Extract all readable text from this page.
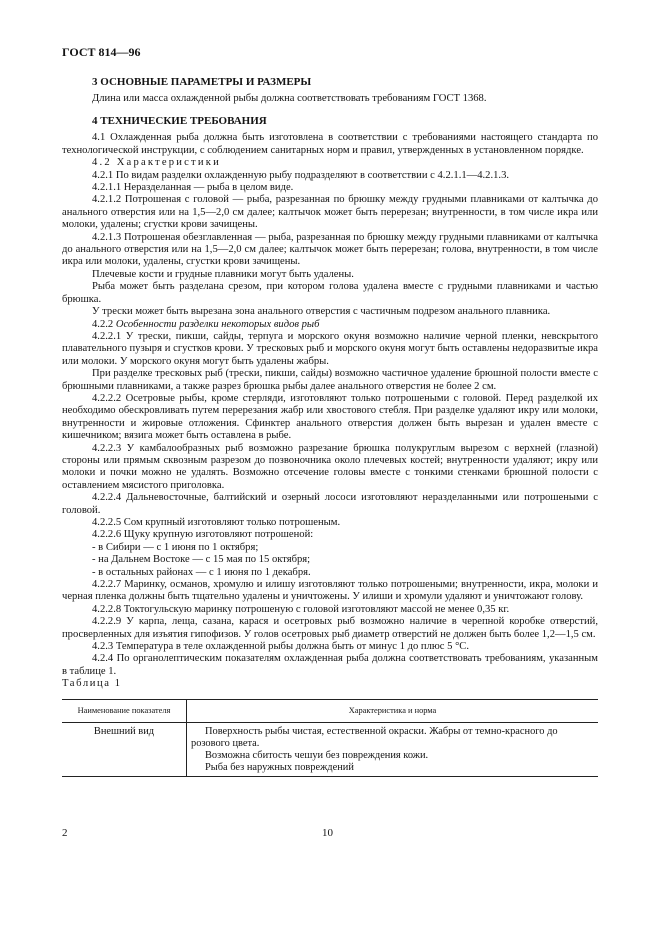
ГОСТ 814—96
3 ОСНОВНЫЕ ПАРАМЕТРЫ И РАЗМЕРЫ

Длина или масса охлажденной рыбы должна соответствовать требованиям ГОСТ 1368.

4 ТЕХНИЧЕСКИЕ ТРЕБОВАНИЯ

4.1 Охлажденная рыба должна быть изготовлена в соответствии с требованиями настоящего стандарта по технологической инструкции, с соблюдением санитарных норм и правил, утвержденных в установленном порядке.

4.2 Характеристики

4.2.1 По видам разделки охлажденную рыбу подразделяют в соответствии с 4.2.1.1—4.2.1.3.

4.2.1.1 Неразделанная — рыба в целом виде.

4.2.1.2 Потрошеная с головой — рыба, разрезанная по брюшку между грудными плавниками от калтычка до анального отверстия или на 1,5—2,0 см далее; калтычок может быть перерезан; внутренности, в том числе икра или молоки, удалены; сгустки крови зачищены.

4.2.1.3 Потрошеная обезглавленная — рыба, разрезанная по брюшку между грудными плавниками от калтычка до анального отверстия или на 1,5—2,0 см далее; калтычок может быть перерезан; голова, внутренности, в том числе икра или молоки, удалены, сгустки крови зачищены.

Плечевые кости и грудные плавники могут быть удалены.

Рыба может быть разделана срезом, при котором голова удалена вместе с грудными плавниками и частью брюшка.

У трески может быть вырезана зона анального отверстия с частичным подрезом анального плавника.

4.2.2 Особенности разделки некоторых видов рыб

4.2.2.1 У трески, пикши, сайды, терпуга и морского окуня возможно наличие черной пленки, невскрытого плавательного пузыря и сгустков крови. У тресковых рыб и морского окуня могут быть оставлены недоразвитые икра или молоки. У морского окуня могут быть удалены жабры.

При разделке тресковых рыб (трески, пикши, сайды) возможно частичное удаление брюшной полости вместе с брюшными плавниками, а также разрез брюшка рыбы далее анального отверстия не более 2 см.

4.2.2.2 Осетровые рыбы, кроме стерляди, изготовляют только потрошеными с головой. Перед разделкой их необходимо обескровливать путем перерезания жабр или хвостового стебля. При разделке удаляют икру или молоки, внутренности и жировые отложения. Сфинктер анального отверстия должен быть вырезан и удален вместе с кишечником; вязига может быть оставлена в рыбе.

4.2.2.3 У камбалообразных рыб возможно разрезание брюшка полукруглым вырезом с верхней (глазной) стороны или прямым сквозным разрезом до позвоночника около плечевых костей; внутренности удаляют; икру или молоки и почки можно не удалять. Возможно отсечение головы вместе с тонкими стенками брюшной полости с оставлением мясистого приголовка.

4.2.2.4 Дальневосточные, балтийский и озерный лососи изготовляют неразделанными или потрошеными с головой.

4.2.2.5 Сом крупный изготовляют только потрошеным.

4.2.2.6 Щуку крупную изготовляют потрошеной:

- в Сибири — с 1 июня по 1 октября;

- на Дальнем Востоке — с 15 мая по 15 октября;

- в остальных районах — с 1 июня по 1 декабря.

4.2.2.7 Маринку, османов, хромулю и илишу изготовляют только потрошеными; внутренности, икра, молоки и черная пленка должны быть тщательно удалены и уничтожены. У илиши и хромули удаляют и уничтожают голову.

4.2.2.8 Токтогульскую маринку потрошеную с головой изготовляют массой не менее 0,35 кг.

4.2.2.9 У карпа, леща, сазана, карася и осетровых рыб возможно наличие в черепной коробке отверстий, просверленных для изъятия гипофизов. У голов осетровых рыб диаметр отверстий не должен быть более 1,2—1,5 см.

4.2.3 Температура в теле охлажденной рыбы должна быть от минус 1 до плюс 5 °С.

4.2.4 По органолептическим показателям охлажденная рыба должна соответствовать требованиям, указанным в таблице 1.

Таблица 1

Наименование показателя	Характеристика и норма
Внешний вид	Поверхность рыбы чистая, естественной окраски. Жабры от темно-красного до розового цвета.

Возможна сбитость чешуи без повреждения кожи.

Рыба без наружных повреждений

2	10
